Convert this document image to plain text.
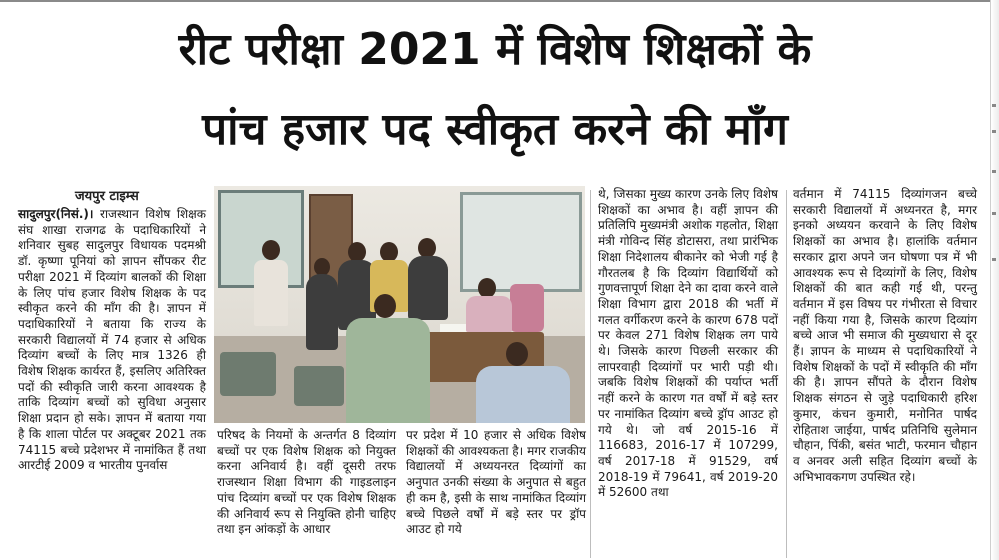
रीट परीक्षा 2021 में विशेष शिक्षकों के
पांच हजार पद स्वीकृत करने की माँग
जयपुर टाइम्स
सादुलपुर(निसं.)। राजस्थान विशेष शिक्षक संघ शाखा राजगढ के पदाधिकारियों ने शनिवार सुबह सादुलपुर विधायक पदमश्री डॉ. कृष्णा पूनियां को ज्ञापन सौंपकर रीट परीक्षा 2021 में दिव्यांग बालकों की शिक्षा के लिए पांच हजार विशेष शिक्षक के पद स्वीकृत करने की माँग की है। ज्ञापन में पदाधिकारियों ने बताया कि राज्य के सरकारी विद्यालयों में 74 हजार से अधिक दिव्यांग बच्चों के लिए मात्र 1326 ही विशेष शिक्षक कार्यरत हैं, इसलिए अतिरिक्त पदों की स्वीकृति जारी करना आवश्यक है ताकि दिव्यांग बच्चों को सुविधा अनुसार शिक्षा प्रदान हो सके। ज्ञापन में बताया गया है कि शाला पोर्टल पर अक्टूबर 2021 तक 74115 बच्चे प्रदेशभर में नामांकित हैं तथा आरटीई 2009 व भारतीय पुनर्वास
परिषद के नियमों के अन्तर्गत 8 दिव्यांग बच्चों पर एक विशेष शिक्षक को नियुक्त करना अनिवार्य है। वहीं दूसरी तरफ राजस्थान शिक्षा विभाग की गाइडलाइन पांच दिव्यांग बच्चों पर एक विशेष शिक्षक की अनिवार्य रूप से नियुक्ति होनी चाहिए तथा इन आंकड़ों के आधार
पर प्रदेश में 10 हजार से अधिक विशेष शिक्षकों की आवश्यकता है। मगर राजकीय विद्यालयों में अध्ययनरत दिव्यांगों का अनुपात उनकी संख्या के अनुपात से बहुत ही कम है, इसी के साथ नामांकित दिव्यांग बच्चे पिछले वर्षों में बड़े स्तर पर ड्रॉप आउट हो गये
थे, जिसका मुख्य कारण उनके लिए विशेष शिक्षकों का अभाव है। वहीं ज्ञापन की प्रतिलिपि मुख्यमंत्री अशोक गहलोत, शिक्षा मंत्री गोविन्द सिंह डोटासरा, तथा प्रारंभिक शिक्षा निदेशालय बीकानेर को भेजी गई है गौरतलब है कि दिव्यांग विद्यार्थियों को गुणवत्तापूर्ण शिक्षा देने का दावा करने वाले शिक्षा विभाग द्वारा 2018 की भर्ती में गलत वर्गीकरण करने के कारण 678 पदों पर केवल 271 विशेष शिक्षक लग पाये थे। जिसके कारण पिछली सरकार की लापरवाही दिव्यांगों पर भारी पड़ी थी। जबकि विशेष शिक्षकों की पर्याप्त भर्ती नहीं करने के कारण गत वर्षों में बड़े स्तर पर नामांकित दिव्यांग बच्चे ड्रॉप आउट हो गये थे। जो वर्ष 2015-16 में 116683, 2016-17 में 107299, वर्ष 2017-18 में 91529, वर्ष 2018-19 में 79641, वर्ष 2019-20 में 52600 तथा
वर्तमान में 74115 दिव्यांगजन बच्चे सरकारी विद्यालयों में अध्यनरत है, मगर इनको अध्ययन करवाने के लिए विशेष शिक्षकों का अभाव है। हालांकि वर्तमान सरकार द्वारा अपने जन घोषणा पत्र में भी आवश्यक रूप से दिव्यांगों के लिए, विशेष शिक्षकों की बात कही गई थी, परन्तु वर्तमान में इस विषय पर गंभीरता से विचार नहीं किया गया है, जिसके कारण दिव्यांग बच्चे आज भी समाज की मुख्यधारा से दूर हैं। ज्ञापन के माध्यम से पदाधिकारियों ने विशेष शिक्षकों के पदों में स्वीकृति की माँग की है। ज्ञापन सौंपते के दौरान विशेष शिक्षक संगठन से जुड़े पदाधिकारी हरिश कुमार, कंचन कुमारी, मनोनित पार्षद रोहिताश जाईया, पार्षद प्रतिनिधि सुलेमान चौहान, पिंकी, बसंत भाटी, फरमान चौहान व अनवर अली सहित दिव्यांग बच्चों के अभिभावकगण उपस्थित रहे।
